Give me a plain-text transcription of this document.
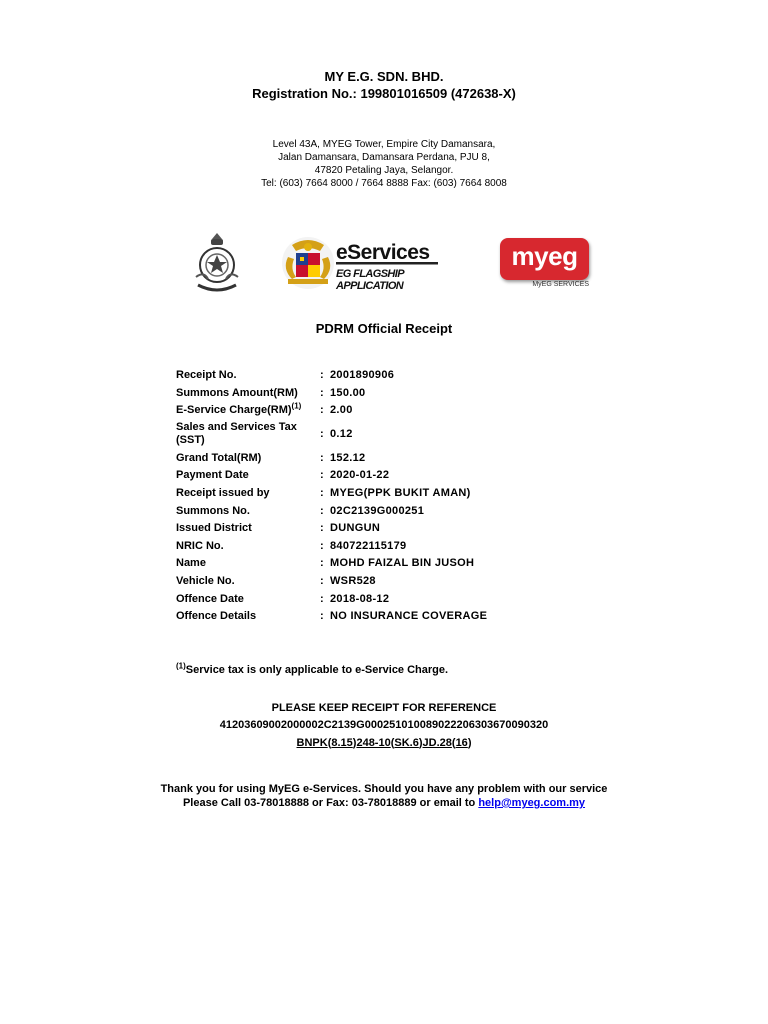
MY E.G. SDN. BHD.
Registration No.: 199801016509 (472638-X)
Level 43A, MYEG Tower, Empire City Damansara,
Jalan Damansara, Damansara Perdana, PJU 8,
47820 Petaling Jaya, Selangor.
Tel: (603) 7664 8000 / 7664 8888 Fax: (603) 7664 8008
eServices
EG FLAGSHIP APPLICATION
myeg
MyEG SERVICES
PDRM Official Receipt
Receipt No.	: 2001890906
Summons Amount(RM)	: 150.00
E-Service Charge(RM)$^{(1)}$	: 2.00
Sales and Services Tax
(SST)	: 0.12
Grand Total(RM)	: 152.12
Payment Date	: 2020-01-22
Receipt issued by	: MYEG(PPK BUKIT AMAN)
Summons No.	: 02C2139G000251
Issued District	: DUNGUN
NRIC No.	: 840722115179
Name	: MOHD FAIZAL BIN JUSOH
Vehicle No.	: WSR528
Offence Date	: 2018-08-12
Offence Details	: NO INSURANCE COVERAGE
$^{(1)}$Service tax is only applicable to e-Service Charge.
PLEASE KEEP RECEIPT FOR REFERENCE
41203609002000002C2139G000251010089022206303670090320
BNPK(8.15)248-10(SK.6)JD.28(16)
Thank you for using MyEG e-Services. Should you have any problem with our service
Please Call 03-78018888 or Fax: 03-78018889 or email to help@myeg.com.my
